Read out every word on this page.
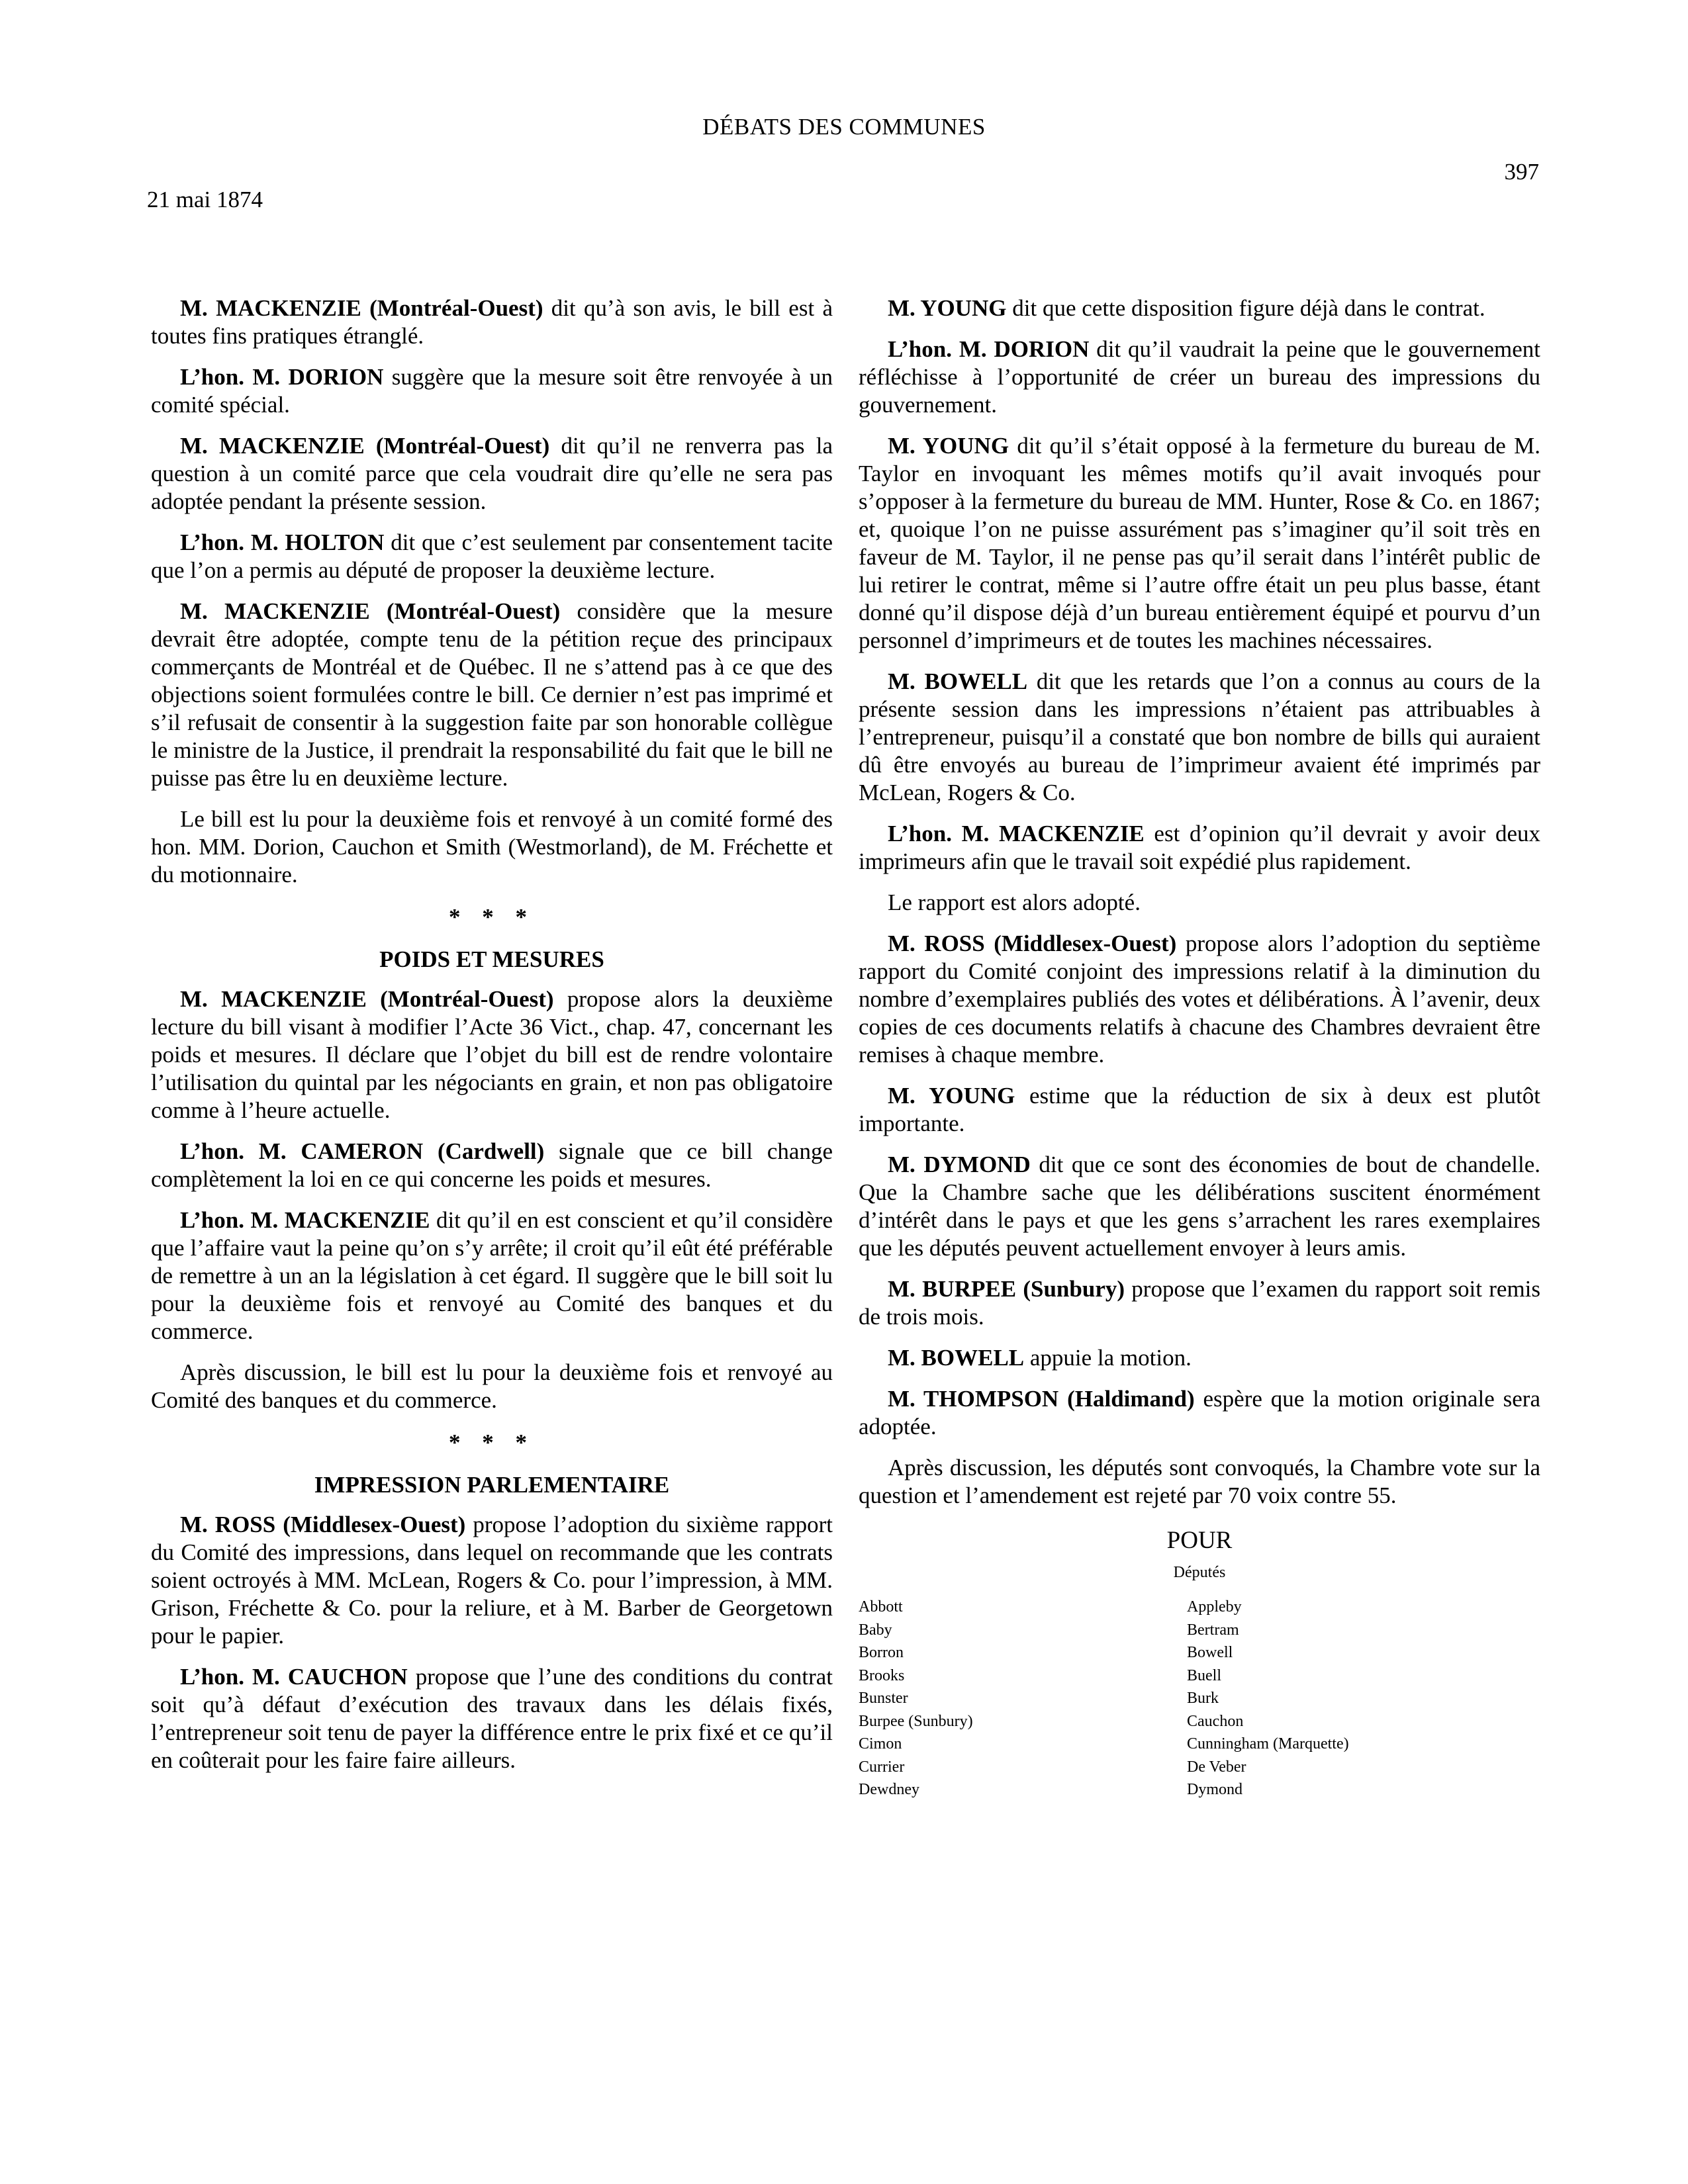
DÉBATS DES COMMUNES
397
21 mai 1874

M. MACKENZIE (Montréal-Ouest) dit qu’à son avis, le bill est à toutes fins pratiques étranglé.

L’hon. M. DORION suggère que la mesure soit être renvoyée à un comité spécial.

M. MACKENZIE (Montréal-Ouest) dit qu’il ne renverra pas la question à un comité parce que cela voudrait dire qu’elle ne sera pas adoptée pendant la présente session.

L’hon. M. HOLTON dit que c’est seulement par consentement tacite que l’on a permis au député de proposer la deuxième lecture.

M. MACKENZIE (Montréal-Ouest) considère que la mesure devrait être adoptée, compte tenu de la pétition reçue des principaux commerçants de Montréal et de Québec. Il ne s’attend pas à ce que des objections soient formulées contre le bill. Ce dernier n’est pas imprimé et s’il refusait de consentir à la suggestion faite par son honorable collègue le ministre de la Justice, il prendrait la responsabilité du fait que le bill ne puisse pas être lu en deuxième lecture.

Le bill est lu pour la deuxième fois et renvoyé à un comité formé des hon. MM. Dorion, Cauchon et Smith (Westmorland), de M. Fréchette et du motionnaire.

* * *
POIDS ET MESURES

M. MACKENZIE (Montréal-Ouest) propose alors la deuxième lecture du bill visant à modifier l’Acte 36 Vict., chap. 47, concernant les poids et mesures. Il déclare que l’objet du bill est de rendre volontaire l’utilisation du quintal par les négociants en grain, et non pas obligatoire comme à l’heure actuelle.

L’hon. M. CAMERON (Cardwell) signale que ce bill change complètement la loi en ce qui concerne les poids et mesures.

L’hon. M. MACKENZIE dit qu’il en est conscient et qu’il considère que l’affaire vaut la peine qu’on s’y arrête; il croit qu’il eût été préférable de remettre à un an la législation à cet égard. Il suggère que le bill soit lu pour la deuxième fois et renvoyé au Comité des banques et du commerce.

Après discussion, le bill est lu pour la deuxième fois et renvoyé au Comité des banques et du commerce.

* * *
IMPRESSION PARLEMENTAIRE

M. ROSS (Middlesex-Ouest) propose l’adoption du sixième rapport du Comité des impressions, dans lequel on recommande que les contrats soient octroyés à MM. McLean, Rogers & Co. pour l’impression, à MM. Grison, Fréchette & Co. pour la reliure, et à M. Barber de Georgetown pour le papier.

L’hon. M. CAUCHON propose que l’une des conditions du contrat soit qu’à défaut d’exécution des travaux dans les délais fixés, l’entrepreneur soit tenu de payer la différence entre le prix fixé et ce qu’il en coûterait pour les faire faire ailleurs.

M. YOUNG dit que cette disposition figure déjà dans le contrat.

L’hon. M. DORION dit qu’il vaudrait la peine que le gouvernement réfléchisse à l’opportunité de créer un bureau des impressions du gouvernement.

M. YOUNG dit qu’il s’était opposé à la fermeture du bureau de M. Taylor en invoquant les mêmes motifs qu’il avait invoqués pour s’opposer à la fermeture du bureau de MM. Hunter, Rose & Co. en 1867; et, quoique l’on ne puisse assurément pas s’imaginer qu’il soit très en faveur de M. Taylor, il ne pense pas qu’il serait dans l’intérêt public de lui retirer le contrat, même si l’autre offre était un peu plus basse, étant donné qu’il dispose déjà d’un bureau entièrement équipé et pourvu d’un personnel d’imprimeurs et de toutes les machines nécessaires.

M. BOWELL dit que les retards que l’on a connus au cours de la présente session dans les impressions n’étaient pas attribuables à l’entrepreneur, puisqu’il a constaté que bon nombre de bills qui auraient dû être envoyés au bureau de l’imprimeur avaient été imprimés par McLean, Rogers & Co.

L’hon. M. MACKENZIE est d’opinion qu’il devrait y avoir deux imprimeurs afin que le travail soit expédié plus rapidement.

Le rapport est alors adopté.

M. ROSS (Middlesex-Ouest) propose alors l’adoption du septième rapport du Comité conjoint des impressions relatif à la diminution du nombre d’exemplaires publiés des votes et délibérations. À l’avenir, deux copies de ces documents relatifs à chacune des Chambres devraient être remises à chaque membre.

M. YOUNG estime que la réduction de six à deux est plutôt importante.

M. DYMOND dit que ce sont des économies de bout de chandelle. Que la Chambre sache que les délibérations suscitent énormément d’intérêt dans le pays et que les gens s’arrachent les rares exemplaires que les députés peuvent actuellement envoyer à leurs amis.

M. BURPEE (Sunbury) propose que l’examen du rapport soit remis de trois mois.

M. BOWELL appuie la motion.

M. THOMPSON (Haldimand) espère que la motion originale sera adoptée.

Après discussion, les députés sont convoqués, la Chambre vote sur la question et l’amendement est rejeté par 70 voix contre 55.

POUR
Députés
Abbott	Appleby
Baby	Bertram
Borron	Bowell
Brooks	Buell
Bunster	Burk
Burpee (Sunbury)	Cauchon
Cimon	Cunningham (Marquette)
Currier	De Veber
Dewdney	Dymond
